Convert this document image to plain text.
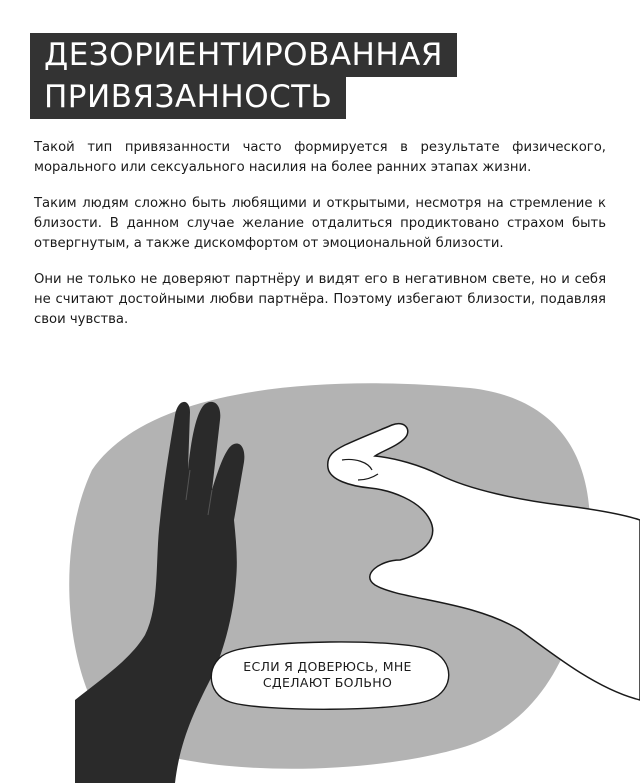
ДЕЗОРИЕНТИРОВАННАЯ
ПРИВЯЗАННОСТЬ

Такой тип привязанности часто формируется в результате физического, морального или сексуального насилия на более ранних этапах жизни.

Таким людям сложно быть любящими и открытыми, несмотря на стремление к близости. В данном случае желание отдалиться продиктовано страхом быть отвергнутым, а также дискомфортом от эмоциональной близости.

Они не только не доверяют партнёру и видят его в негативном свете, но и себя не считают достойными любви партнёра. Поэтому избегают близости, подавляя свои чувства.

ЕСЛИ Я ДОВЕРЮСЬ, МНЕ
СДЕЛАЮТ БОЛЬНО
